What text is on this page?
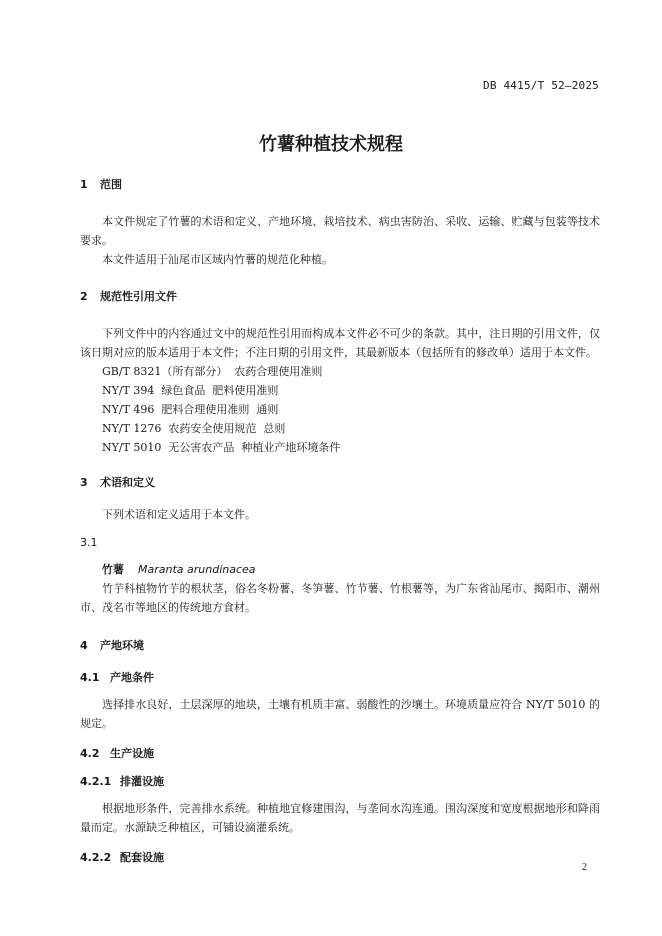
DB 4415/T 52—2025
竹薯种植技术规程

1 范围

本文件规定了竹薯的术语和定义、产地环境、栽培技术、病虫害防治、采收、运输、贮藏与包装等技术要求。

本文件适用于汕尾市区域内竹薯的规范化种植。

2 规范性引用文件

下列文件中的内容通过文中的规范性引用而构成本文件必不可少的条款。其中，注日期的引用文件，仅该日期对应的版本适用于本文件；不注日期的引用文件，其最新版本（包括所有的修改单）适用于本文件。

GB/T 8321（所有部分）  农药合理使用准则

NY/T 394  绿色食品  肥料使用准则

NY/T 496  肥料合理使用准则  通则

NY/T 1276  农药安全使用规范  总则

NY/T 5010  无公害农产品  种植业产地环境条件

3 术语和定义

下列术语和定义适用于本文件。

3.1

竹薯 Maranta arundinacea

竹芋科植物竹芋的根状茎，俗名冬粉薯、冬笋薯、竹节薯、竹根薯等，为广东省汕尾市、揭阳市、潮州市、茂名市等地区的传统地方食材。

4 产地环境

4.1 产地条件

选择排水良好，土层深厚的地块，土壤有机质丰富、弱酸性的沙壤土。环境质量应符合 NY/T 5010 的规定。

4.2 生产设施

4.2.1 排灌设施

根据地形条件，完善排水系统。种植地宜修建围沟，与垄间水沟连通。围沟深度和宽度根据地形和降雨量而定。水源缺乏种植区，可铺设滴灌系统。

4.2.2 配套设施

2
